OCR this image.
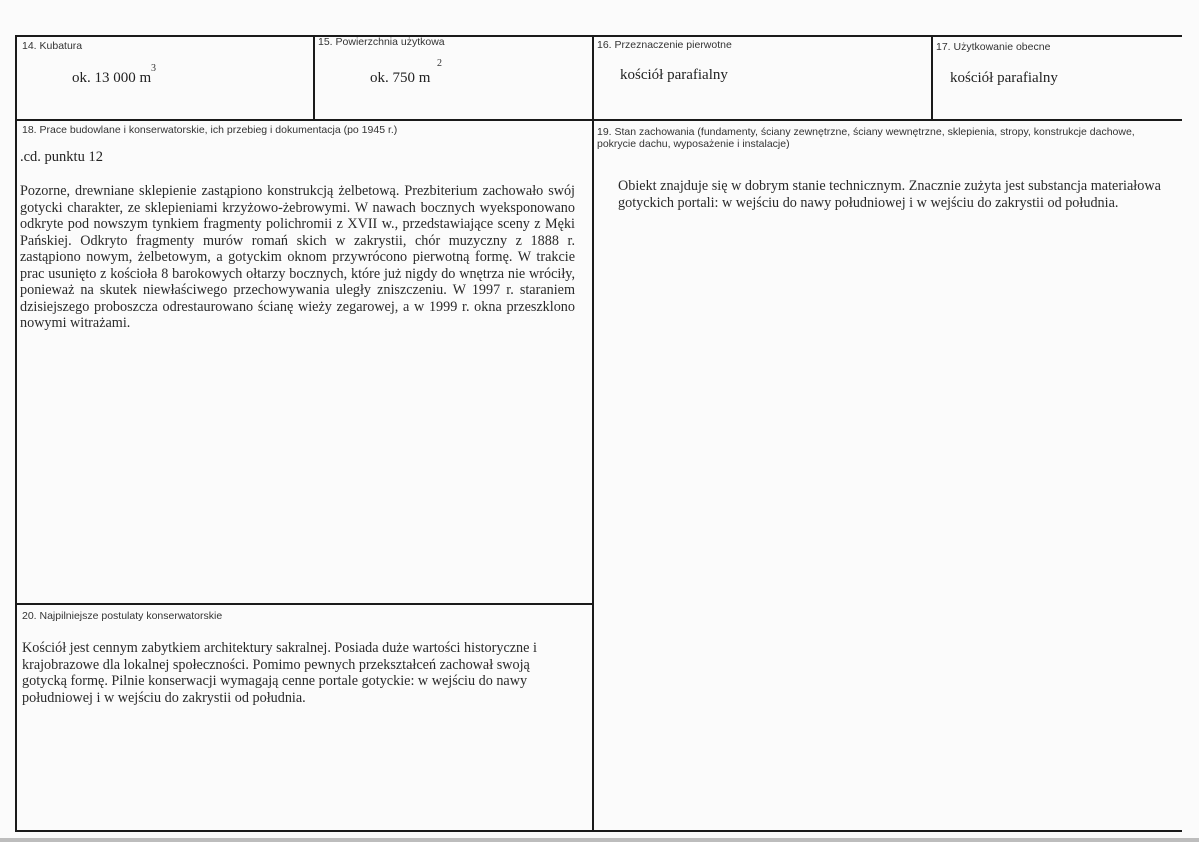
14. Kubatura
ok. 13 000 m
3
15. Powierzchnia użytkowa
ok. 750 m
2
16. Przeznaczenie pierwotne
kościół parafialny
17. Użytkowanie obecne
kościół parafialny
18. Prace budowlane i konserwatorskie, ich przebieg i dokumentacja (po 1945 r.)
.cd. punktu 12

Pozorne, drewniane sklepienie zastąpiono konstrukcją żelbetową. Prezbiterium zachowało swój gotycki charakter, ze sklepieniami krzyżowo-żebrowymi. W nawach bocznych wyeksponowano odkryte pod nowszym tynkiem fragmenty polichromii z XVII w., przedstawiające sceny z Męki Pańskiej. Odkryto fragmenty murów romań skich w zakrystii, chór muzyczny z 1888 r. zastąpiono nowym, żelbetowym, a gotyckim oknom przywrócono pierwotną formę. W trakcie prac usunięto z kościoła 8 barokowych ołtarzy bocznych, które już nigdy do wnętrza nie wróciły, ponieważ na skutek niewłaściwego przechowywania uległy zniszczeniu. W 1997 r. staraniem dzisiejszego proboszcza odrestaurowano ścianę wieży zegarowej, a w 1999 r. okna przeszklono nowymi witrażami.

19. Stan zachowania (fundamenty, ściany zewnętrzne, ściany wewnętrzne, sklepienia, stropy, konstrukcje dachowe, pokrycie dachu, wyposażenie i instalacje)

Obiekt znajduje się w dobrym stanie technicznym. Znacznie zużyta jest substancja materiałowa gotyckich portali: w wejściu do nawy południowej i w wejściu do zakrystii od południa.

20. Najpilniejsze postulaty konserwatorskie

Kościół jest cennym zabytkiem architektury sakralnej. Posiada duże wartości historyczne i krajobrazowe dla lokalnej społeczności. Pomimo pewnych przekształceń zachował swoją gotycką formę. Pilnie konserwacji wymagają cenne portale gotyckie: w wejściu do nawy południowej i w wejściu do zakrystii od południa.
